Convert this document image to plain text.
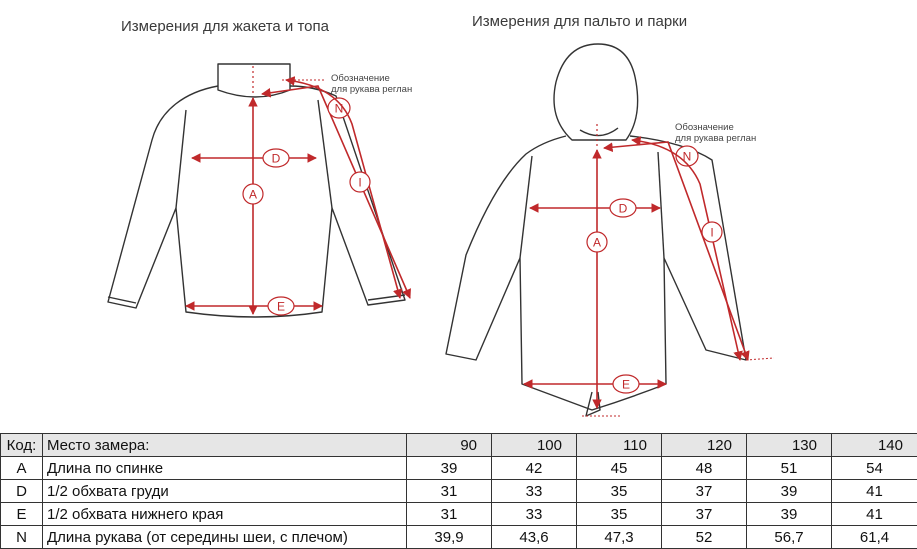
Измерения для жакета и топа	Измерения для пальто и парки
Обозначение
для рукава реглан
Обозначение
для рукава реглан
A
D
E
N
I
A
D
E
N
I
Код:	Место замера:	90	100	110	120	130	140
A	Длина по спинке	39	42	45	48	51	54
D	1/2 обхвата груди	31	33	35	37	39	41
E	1/2 обхвата нижнего края	31	33	35	37	39	41
N	Длина рукава (от середины шеи, с плечом)	39,9	43,6	47,3	52	56,7	61,4
